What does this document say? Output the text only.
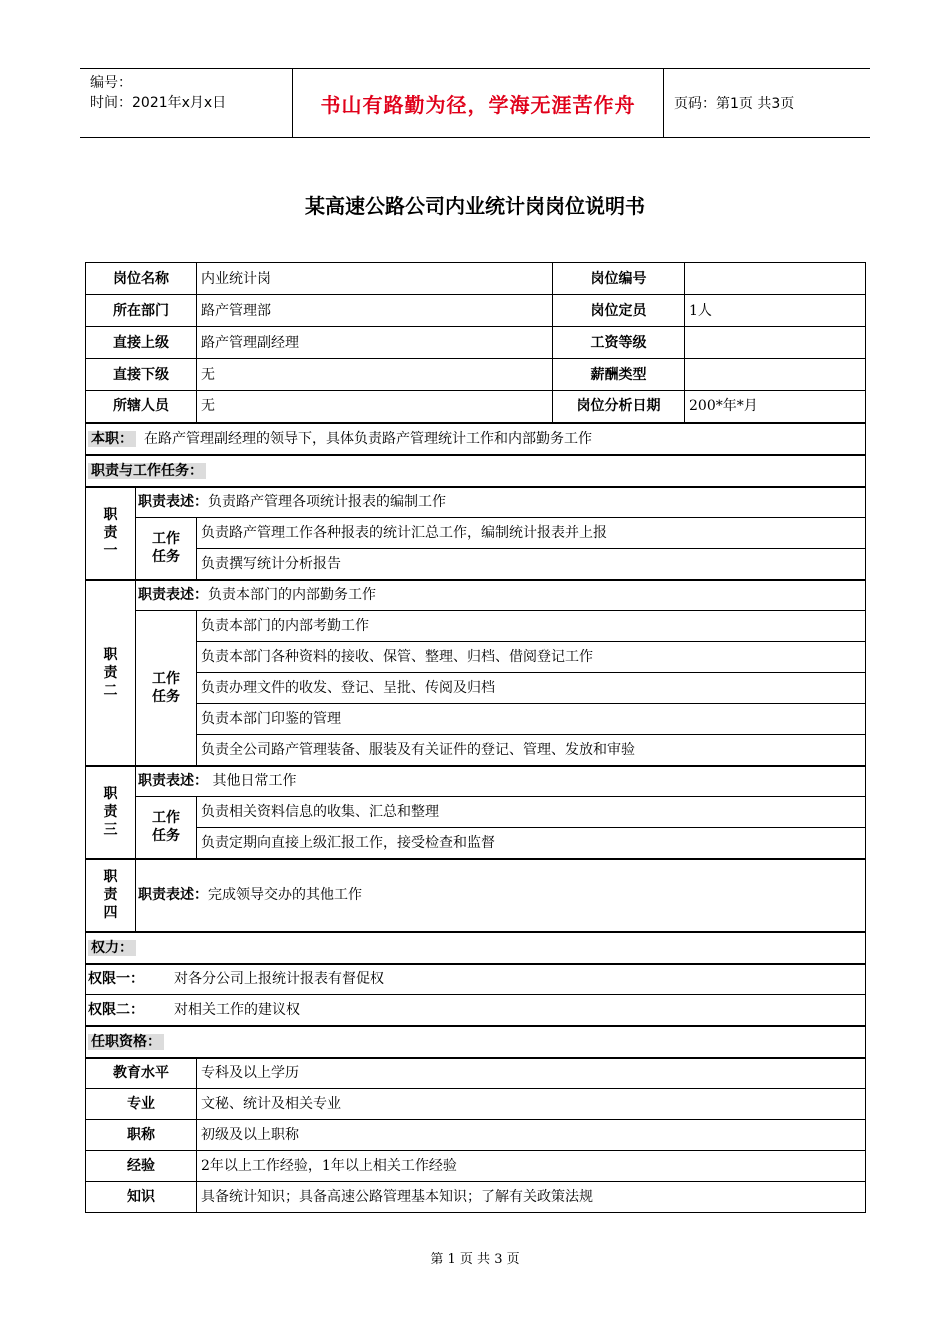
编号：
时间：2021年x月x日	书山有路勤为径，学海无涯苦作舟	页码：第1页 共3页
某高速公路公司内业统计岗岗位说明书
岗位名称		内业统计岗	岗位编号	
所在部门		路产管理部	岗位定员	1人
直接上级		路产管理副经理	工资等级	
直接下级		无	薪酬类型	
所辖人员		无	岗位分析日期	200*年*月
本职： 在路产管理副经理的领导下，具体负责路产管理统计工作和内部勤务工作				
职责与工作任务：				

职
责
一	职责表述：负责路产管理各项统计报表的编制工作			

	工作
任务	负责路产管理工作各种报表的统计汇总工作，编制统计报表并上报		
		负责撰写统计分析报告		

职
责
二	职责表述：负责本部门的内部勤务工作			

	工作
任务	负责本部门的内部考勤工作		
		负责本部门各种资料的接收、保管、整理、归档、借阅登记工作		
		负责办理文件的收发、登记、呈批、传阅及归档		
		负责本部门印鉴的管理		
		负责全公司路产管理装备、服装及有关证件的登记、管理、发放和审验		

职
责
三	职责表述： 其他日常工作			

	工作
任务	负责相关资料信息的收集、汇总和整理		
		负责定期向直接上级汇报工作，接受检查和监督		

职
责
四	职责表述：完成领导交办的其他工作			
权力：				
权限一： 对各分公司上报统计报表有督促权				
权限二： 对相关工作的建议权				
任职资格：				
教育水平		专科及以上学历		
专业		文秘、统计及相关专业		
职称		初级及以上职称		
经验		2年以上工作经验，1年以上相关工作经验		
知识		具备统计知识；具备高速公路管理基本知识；了解有关政策法规		
第 1 页 共 3 页
